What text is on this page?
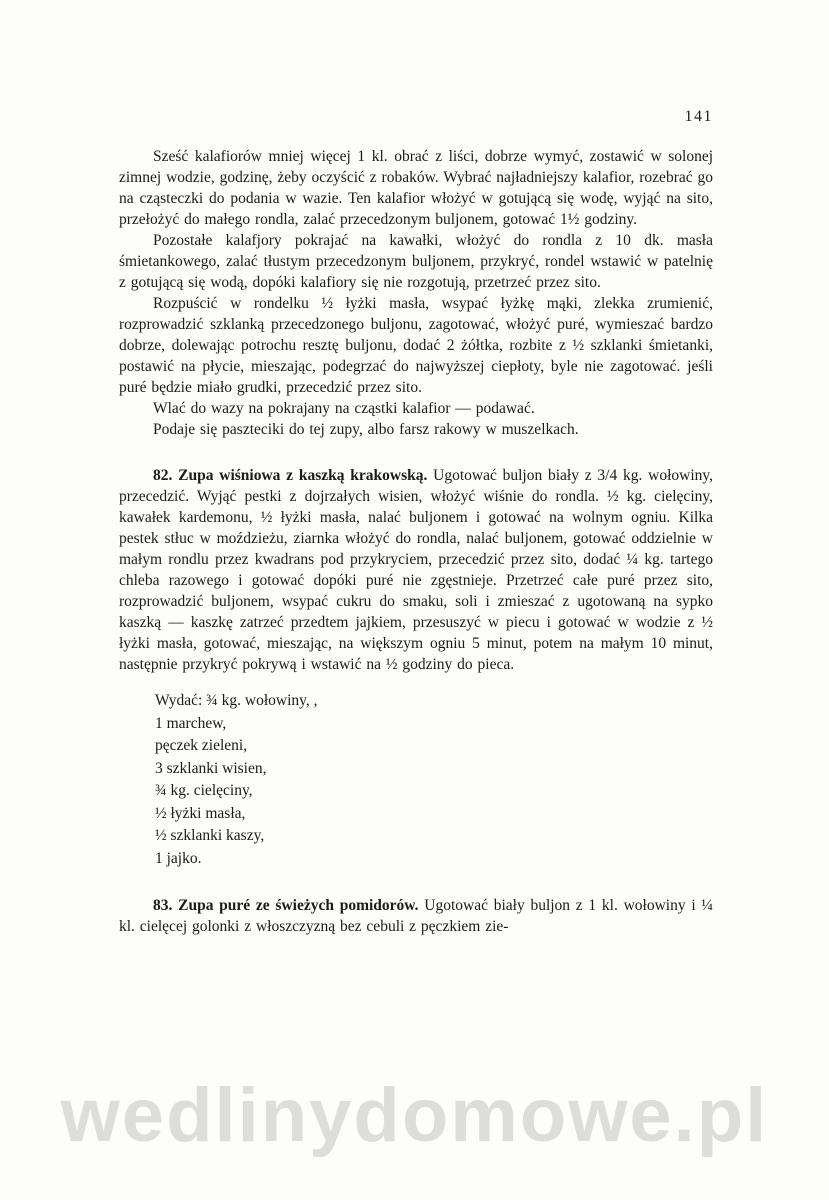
141

Sześć kalafiorów mniej więcej 1 kl. obrać z liści, dobrze wymyć, zostawić w solonej zimnej wodzie, godzinę, żeby oczyścić z robaków. Wybrać najładniejszy kalafior, rozebrać go na cząsteczki do podania w wazie. Ten kalafior włożyć w gotującą się wodę, wyjąć na sito, przełożyć do małego rondla, zalać przecedzonym buljonem, gotować 1½ godziny.

Pozostałe kalafjory pokrajać na kawałki, włożyć do rondla z 10 dk. masła śmietankowego, zalać tłustym przecedzonym buljonem, przykryć, rondel wstawić w patelnię z gotującą się wodą, dopóki kalafiory się nie rozgotują, przetrzeć przez sito.

Rozpuścić w rondelku ½ łyżki masła, wsypać łyżkę mąki, zlekka zrumienić, rozprowadzić szklanką przecedzonego buljonu, zagotować, włożyć puré, wymieszać bardzo dobrze, dolewając potrochu resztę buljonu, dodać 2 żółtka, rozbite z ½ szklanki śmietanki, postawić na płycie, mieszając, podegrzać do najwyższej ciepłoty, byle nie zagotować. jeśli puré będzie miało grudki, przecedzić przez sito.

Wlać do wazy na pokrajany na cząstki kalafior — podawać.

Podaje się paszteciki do tej zupy, albo farsz rakowy w muszelkach.

82. Zupa wiśniowa z kaszką krakowską. Ugotować buljon biały z 3/4 kg. wołowiny, przecedzić. Wyjąć pestki z dojrzałych wisien, włożyć wiśnie do rondla. ½ kg. cielęciny, kawałek kardemonu, ½ łyżki masła, nalać buljonem i gotować na wolnym ogniu. Kilka pestek stłuc w moździeżu, ziarnka włożyć do rondla, nalać buljonem, gotować oddzielnie w małym rondlu przez kwadrans pod przykryciem, przecedzić przez sito, dodać ¼ kg. tartego chleba razowego i gotować dopóki puré nie zgęstnieje. Przetrzeć całe puré przez sito, rozprowadzić buljonem, wsypać cukru do smaku, soli i zmieszać z ugotowaną na sypko kaszką — kaszkę zatrzeć przedtem jajkiem, przesuszyć w piecu i gotować w wodzie z ½ łyżki masła, gotować, mieszając, na większym ogniu 5 minut, potem na małym 10 minut, następnie przykryć pokrywą i wstawić na ½ godziny do pieca.

Wydać: ¾ kg. wołowiny, ,
1 marchew,
pęczek zieleni,
3 szklanki wisien,
¾ kg. cielęciny,
½ łyżki masła,
½ szklanki kaszy,
1 jajko.

83. Zupa puré ze świeżych pomidorów. Ugotować biały buljon z 1 kl. wołowiny i ¼ kl. cielęcej golonki z włoszczyzną bez cebuli z pęczkiem zie-

wedlinydomowe.pl
